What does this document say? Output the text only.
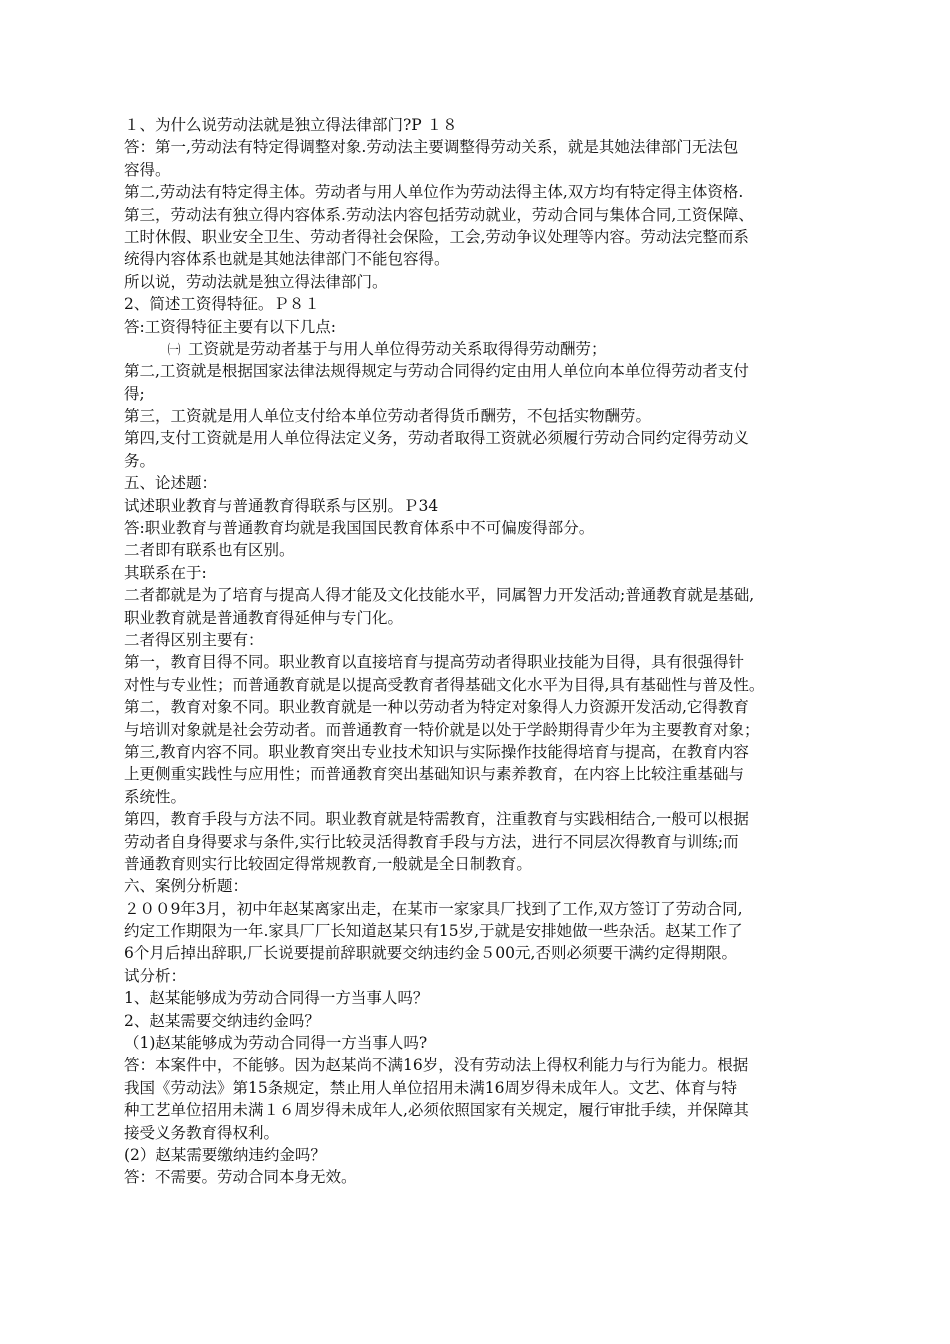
１、为什么说劳动法就是独立得法律部门?P １８
答：第一,劳动法有特定得调整对象.劳动法主要调整得劳动关系，就是其她法律部门无法包
容得。
第二,劳动法有特定得主体。劳动者与用人单位作为劳动法得主体,双方均有特定得主体资格.
第三，劳动法有独立得内容体系.劳动法内容包括劳动就业，劳动合同与集体合同,工资保障、
工时休假、职业安全卫生、劳动者得社会保险，工会,劳动争议处理等内容。劳动法完整而系
统得内容体系也就是其她法律部门不能包容得。
所以说，劳动法就是独立得法律部门。
2、简述工资得特征。Ｐ８１
答:工资得特征主要有以下几点:
㈠ 工资就是劳动者基于与用人单位得劳动关系取得得劳动酬劳；
第二,工资就是根据国家法律法规得规定与劳动合同得约定由用人单位向本单位得劳动者支付
得;
第三，工资就是用人单位支付给本单位劳动者得货币酬劳，不包括实物酬劳。
第四,支付工资就是用人单位得法定义务，劳动者取得工资就必须履行劳动合同约定得劳动义
务。
五、论述题：
试述职业教育与普通教育得联系与区别。Ｐ34
答:职业教育与普通教育均就是我国国民教育体系中不可偏废得部分。
二者即有联系也有区别。
其联系在于:
二者都就是为了培育与提高人得才能及文化技能水平，同属智力开发活动;普通教育就是基础,
职业教育就是普通教育得延伸与专门化。
二者得区别主要有：
第一，教育目得不同。职业教育以直接培育与提高劳动者得职业技能为目得，具有很强得针
对性与专业性；而普通教育就是以提高受教育者得基础文化水平为目得,具有基础性与普及性。
第二，教育对象不同。职业教育就是一种以劳动者为特定对象得人力资源开发活动,它得教育
与培训对象就是社会劳动者。而普通教育一特价就是以处于学龄期得青少年为主要教育对象；
第三,教育内容不同。职业教育突出专业技术知识与实际操作技能得培育与提高，在教育内容
上更侧重实践性与应用性；而普通教育突出基础知识与素养教育，在内容上比较注重基础与
系统性。
第四，教育手段与方法不同。职业教育就是特需教育，注重教育与实践相结合,一般可以根据
劳动者自身得要求与条件,实行比较灵活得教育手段与方法，进行不同层次得教育与训练;而
普通教育则实行比较固定得常规教育,一般就是全日制教育。
六、案例分析题：
２００9年3月，初中年赵某离家出走，在某市一家家具厂找到了工作,双方签订了劳动合同,
约定工作期限为一年.家具厂厂长知道赵某只有15岁,于就是安排她做一些杂活。赵某工作了
6个月后掉出辞职,厂长说要提前辞职就要交纳违约金５00元,否则必须要干满约定得期限。
试分析：
1、赵某能够成为劳动合同得一方当事人吗？
2、赵某需要交纳违约金吗？
（1)赵某能够成为劳动合同得一方当事人吗?
答：本案件中，不能够。因为赵某尚不满16岁，没有劳动法上得权利能力与行为能力。根据
我国《劳动法》第15条规定，禁止用人单位招用未满16周岁得未成年人。文艺、体育与特
种工艺单位招用未满１６周岁得未成年人,必须依照国家有关规定，履行审批手续，并保障其
接受义务教育得权利。
(2）赵某需要缴纳违约金吗？
答：不需要。劳动合同本身无效。
